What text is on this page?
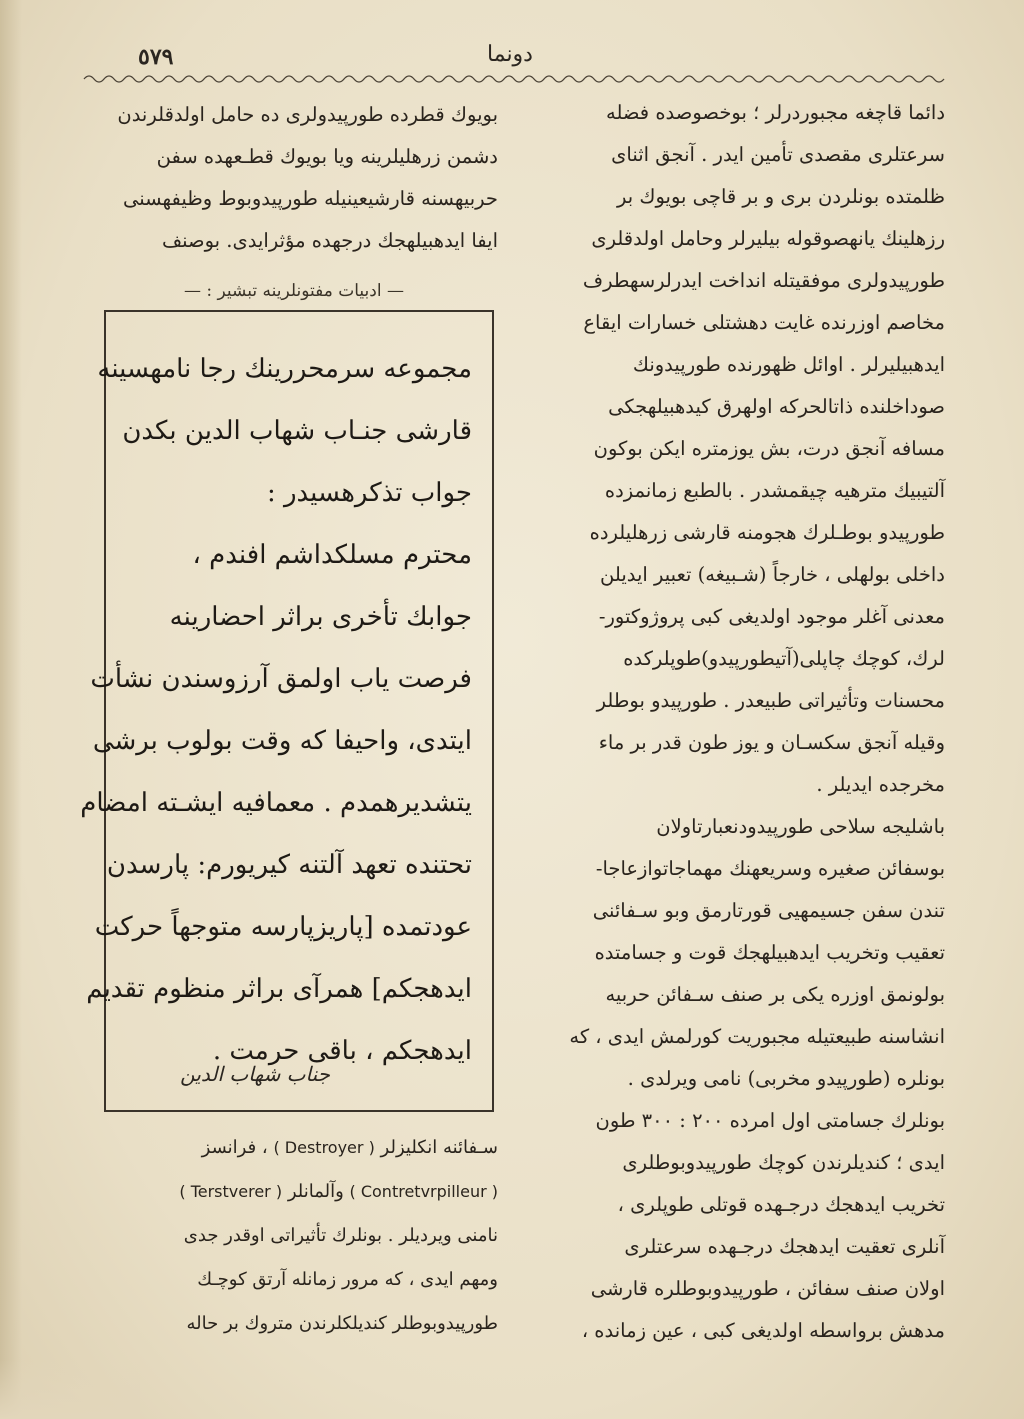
٥٧٩	دونما

دائما قاچغه مجبوردرلر ؛ بوخصوصده فضله

سرعتلری مقصدی تأمین ایدر . آنجق اثنای

ظلمتده بونلردن بری و بر قاچی بویوك بر

رزهلینك یانهصوقوله بیلیرلر وحامل اولدقلری

طورپیدولری موفقیتله انداخت ایدرلرسهطرف

مخاصم اوزرنده غایت دهشتلی خسارات ایقاع

ایدهبیلیرلر . اوائل ظهورنده طورپیدونك

صوداخلنده ذاتالحرکه اولهرق کیدهبیلهجکی

مسافه آنجق درت، بش یوزمتره ایکن بوکون

آلتیبیك مترهیه چیقمشدر . بالطبع زمانمزده

طورپیدو بوطـلرك هجومنه قارشی زرهلیلرده

داخلی بولهلی ، خارجاً (شـبیغه) تعبیر ایدیلن

معدنی آغلر موجود اولدیغی کبی پروژوکتور-

لرك، کوچك چاپلی(آتیطورپیدو)طوپلرکده

محسنات وتأثیراتی طبیعدر . طورپیدو بوطلر

وقیله آنجق سکسـان و یوز طون قدر بر ماء

مخرجده ایدیلر .

باشلیجه سلاحی طورپیدودنعبارتاولان

بوسفائن صغیره وسریعهنك مهماجاتوازعاجا-

تندن سفن جسیمهیی قورتارمق وبو سـفائنی

تعقیب وتخریب ایدهبیلهجك قوت و جسامتده

بولونمق اوزره یکی بر صنف سـفائن حربیه

انشاسنه طبیعتیله مجبوریت کورلمش ایدی ، که

بونلره (طورپیدو مخربی) نامی ویرلدی .

بونلرك جسامتی اول امرده ۲۰۰ : ۳۰۰ طون

ایدی ؛ کندیلرندن کوچك طورپیدوبوطلری

تخریب ایدهجك درجـهده قوتلی طوپلری ،

آنلری تعقیت ایدهجك درجـهده سرعتلری

اولان صنف سفائن ، طورپیدوبوطلره قارشی

مدهش برواسطه اولدیغی کبی ، عین زمانده ،

بویوك قطرده طورپیدولری ده حامل اولدقلرندن

دشمن زرهلیلرینه ویا بویوك قطـعهده سفن

حربیهسنه قارشیعینیله طورپیدوبوط وظیفهسنی

ایفا ایدهبیلهجك درجهده مؤثرایدی. بوصنف

— ادبیات مفتونلرینه تبشیر : —

مجموعه سرمحررینك رجا نامهسینه

قارشی جنـاب شهاب الدین بكدن

جواب تذکرهسیدر :

محترم مسلکداشم افندم ،

جوابك تأخری براثر احضارینه

فرصت یاب اولمق آرزوسندن نشأت

ایتدی، واحیفا که وقت بولوب برشی

یتشدیرهمدم . معمافیه ایشـته امضام

تحتنده تعهد آلتنه کیریورم: پارسدن

عودتمده [پاریزپارسه متوجهاً حرکت

ایدهجکم] همرآی براثر منظوم تقدیم

ایدهجکم ، باقی حرمت .

جناب شهاب الدین

سـفائنه انکلیزلر ( Destroyer ) ، فرانسز

( Contretvrpilleur ) وآلمانلر ( Terstverer )

نامنی ویردیلر . بونلرك تأثیراتی اوقدر جدی

ومهم ایدی ، که مرور زمانله آرتق کوچـك

طورپیدوبوطلر کندیلکلرندن متروك بر حاله
